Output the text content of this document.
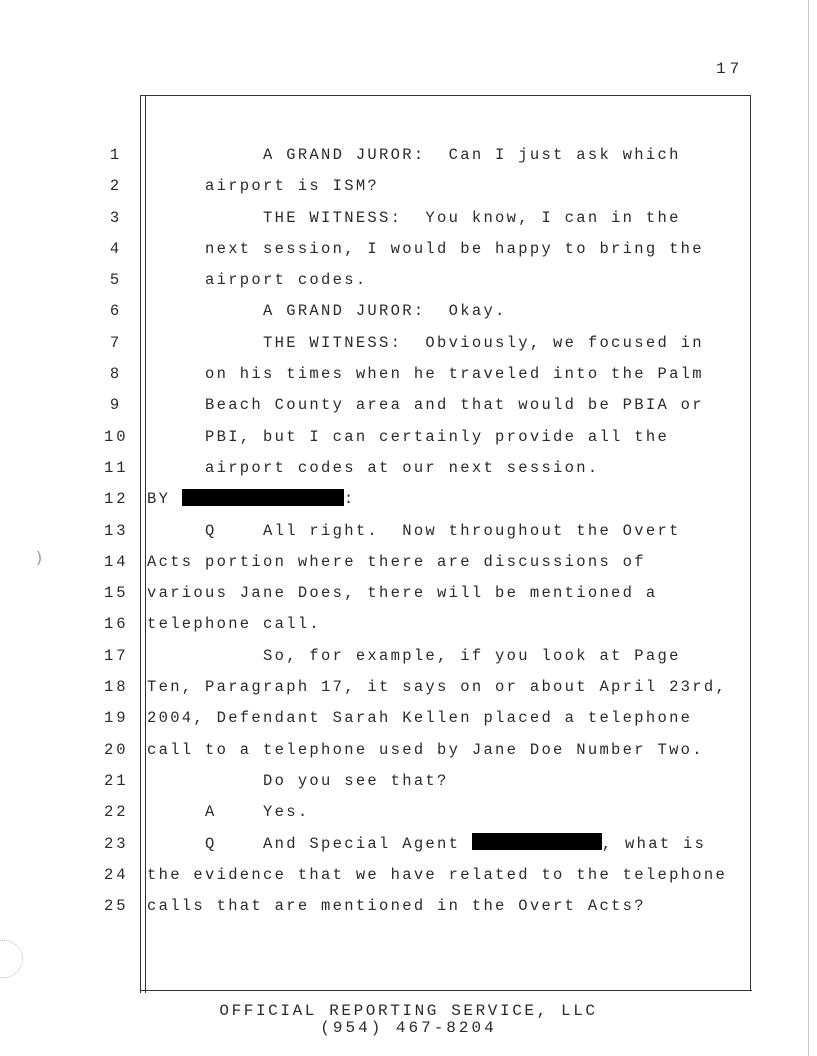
17
1	A GRAND JUROR:  Can I just ask which
2	airport is ISM?
3	THE WITNESS:  You know, I can in the
4	next session, I would be happy to bring the
5	airport codes.
6	A GRAND JUROR:  Okay.
7	THE WITNESS:  Obviously, we focused in
8	on his times when he traveled into the Palm
9	Beach County area and that would be PBIA or
10 PBI, but I can certainly provide all the
11 airport codes at our next session.
12 BY	:
13 Q    All right.  Now throughout the Overt
14 Acts portion where there are discussions of
15 various Jane Does, there will be mentioned a
16 telephone call.
17 So, for example, if you look at Page
18 Ten, Paragraph 17, it says on or about April 23rd,
19 2004, Defendant Sarah Kellen placed a telephone
20 call to a telephone used by Jane Doe Number Two.
21 Do you see that?
22 A    Yes.
23 Q    And Special Agent	, what is
24 the evidence that we have related to the telephone
25 calls that are mentioned in the Overt Acts?
)
OFFICIAL REPORTING SERVICE, LLC
(954) 467-8204
